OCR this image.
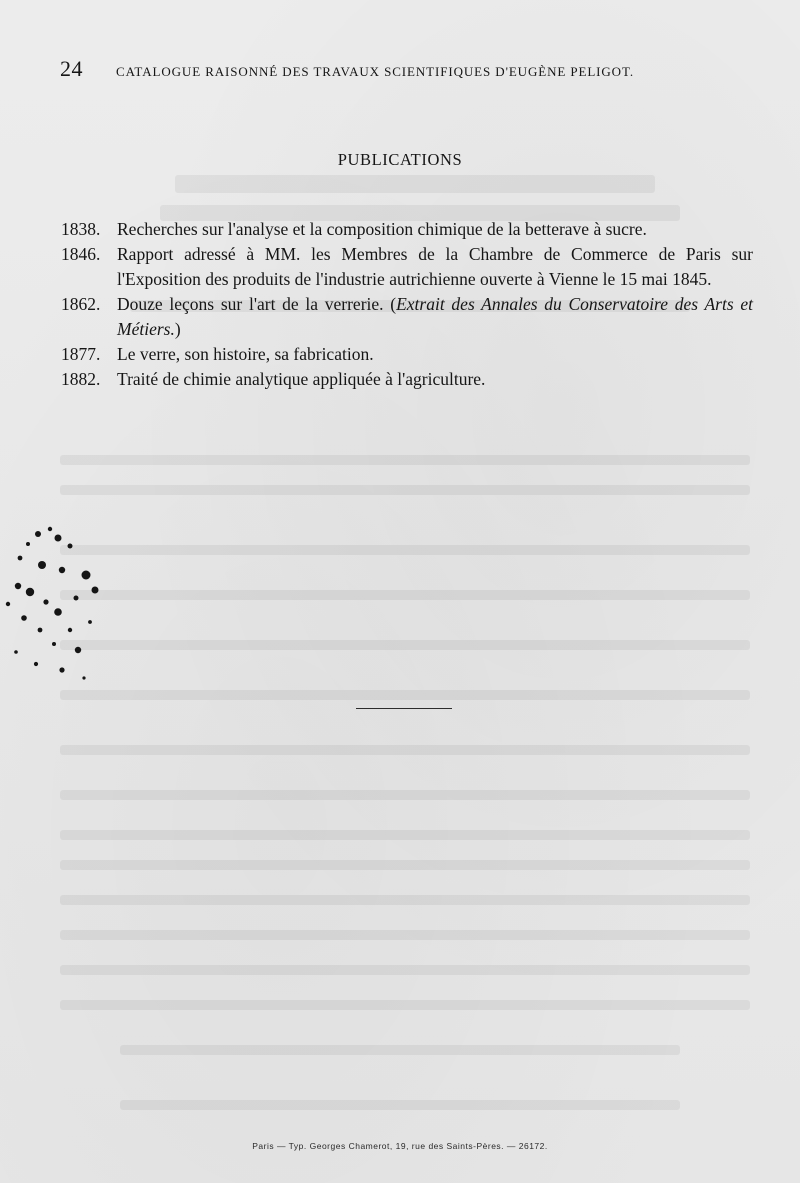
24	CATALOGUE RAISONNÉ DES TRAVAUX SCIENTIFIQUES D'EUGÈNE PELIGOT.
PUBLICATIONS
1838. Recherches sur l'analyse et la composition chimique de la betterave à sucre.
1846. Rapport adressé à MM. les Membres de la Chambre de Commerce de Paris sur l'Exposition des produits de l'industrie autrichienne ouverte à Vienne le 15 mai 1845.
1862. Douze leçons sur l'art de la verrerie. (Extrait des Annales du Conservatoire des Arts et Métiers.)
1877. Le verre, son histoire, sa fabrication.
1882. Traité de chimie analytique appliquée à l'agriculture.
Paris — Typ. Georges Chamerot, 19, rue des Saints-Pères. — 26172.
